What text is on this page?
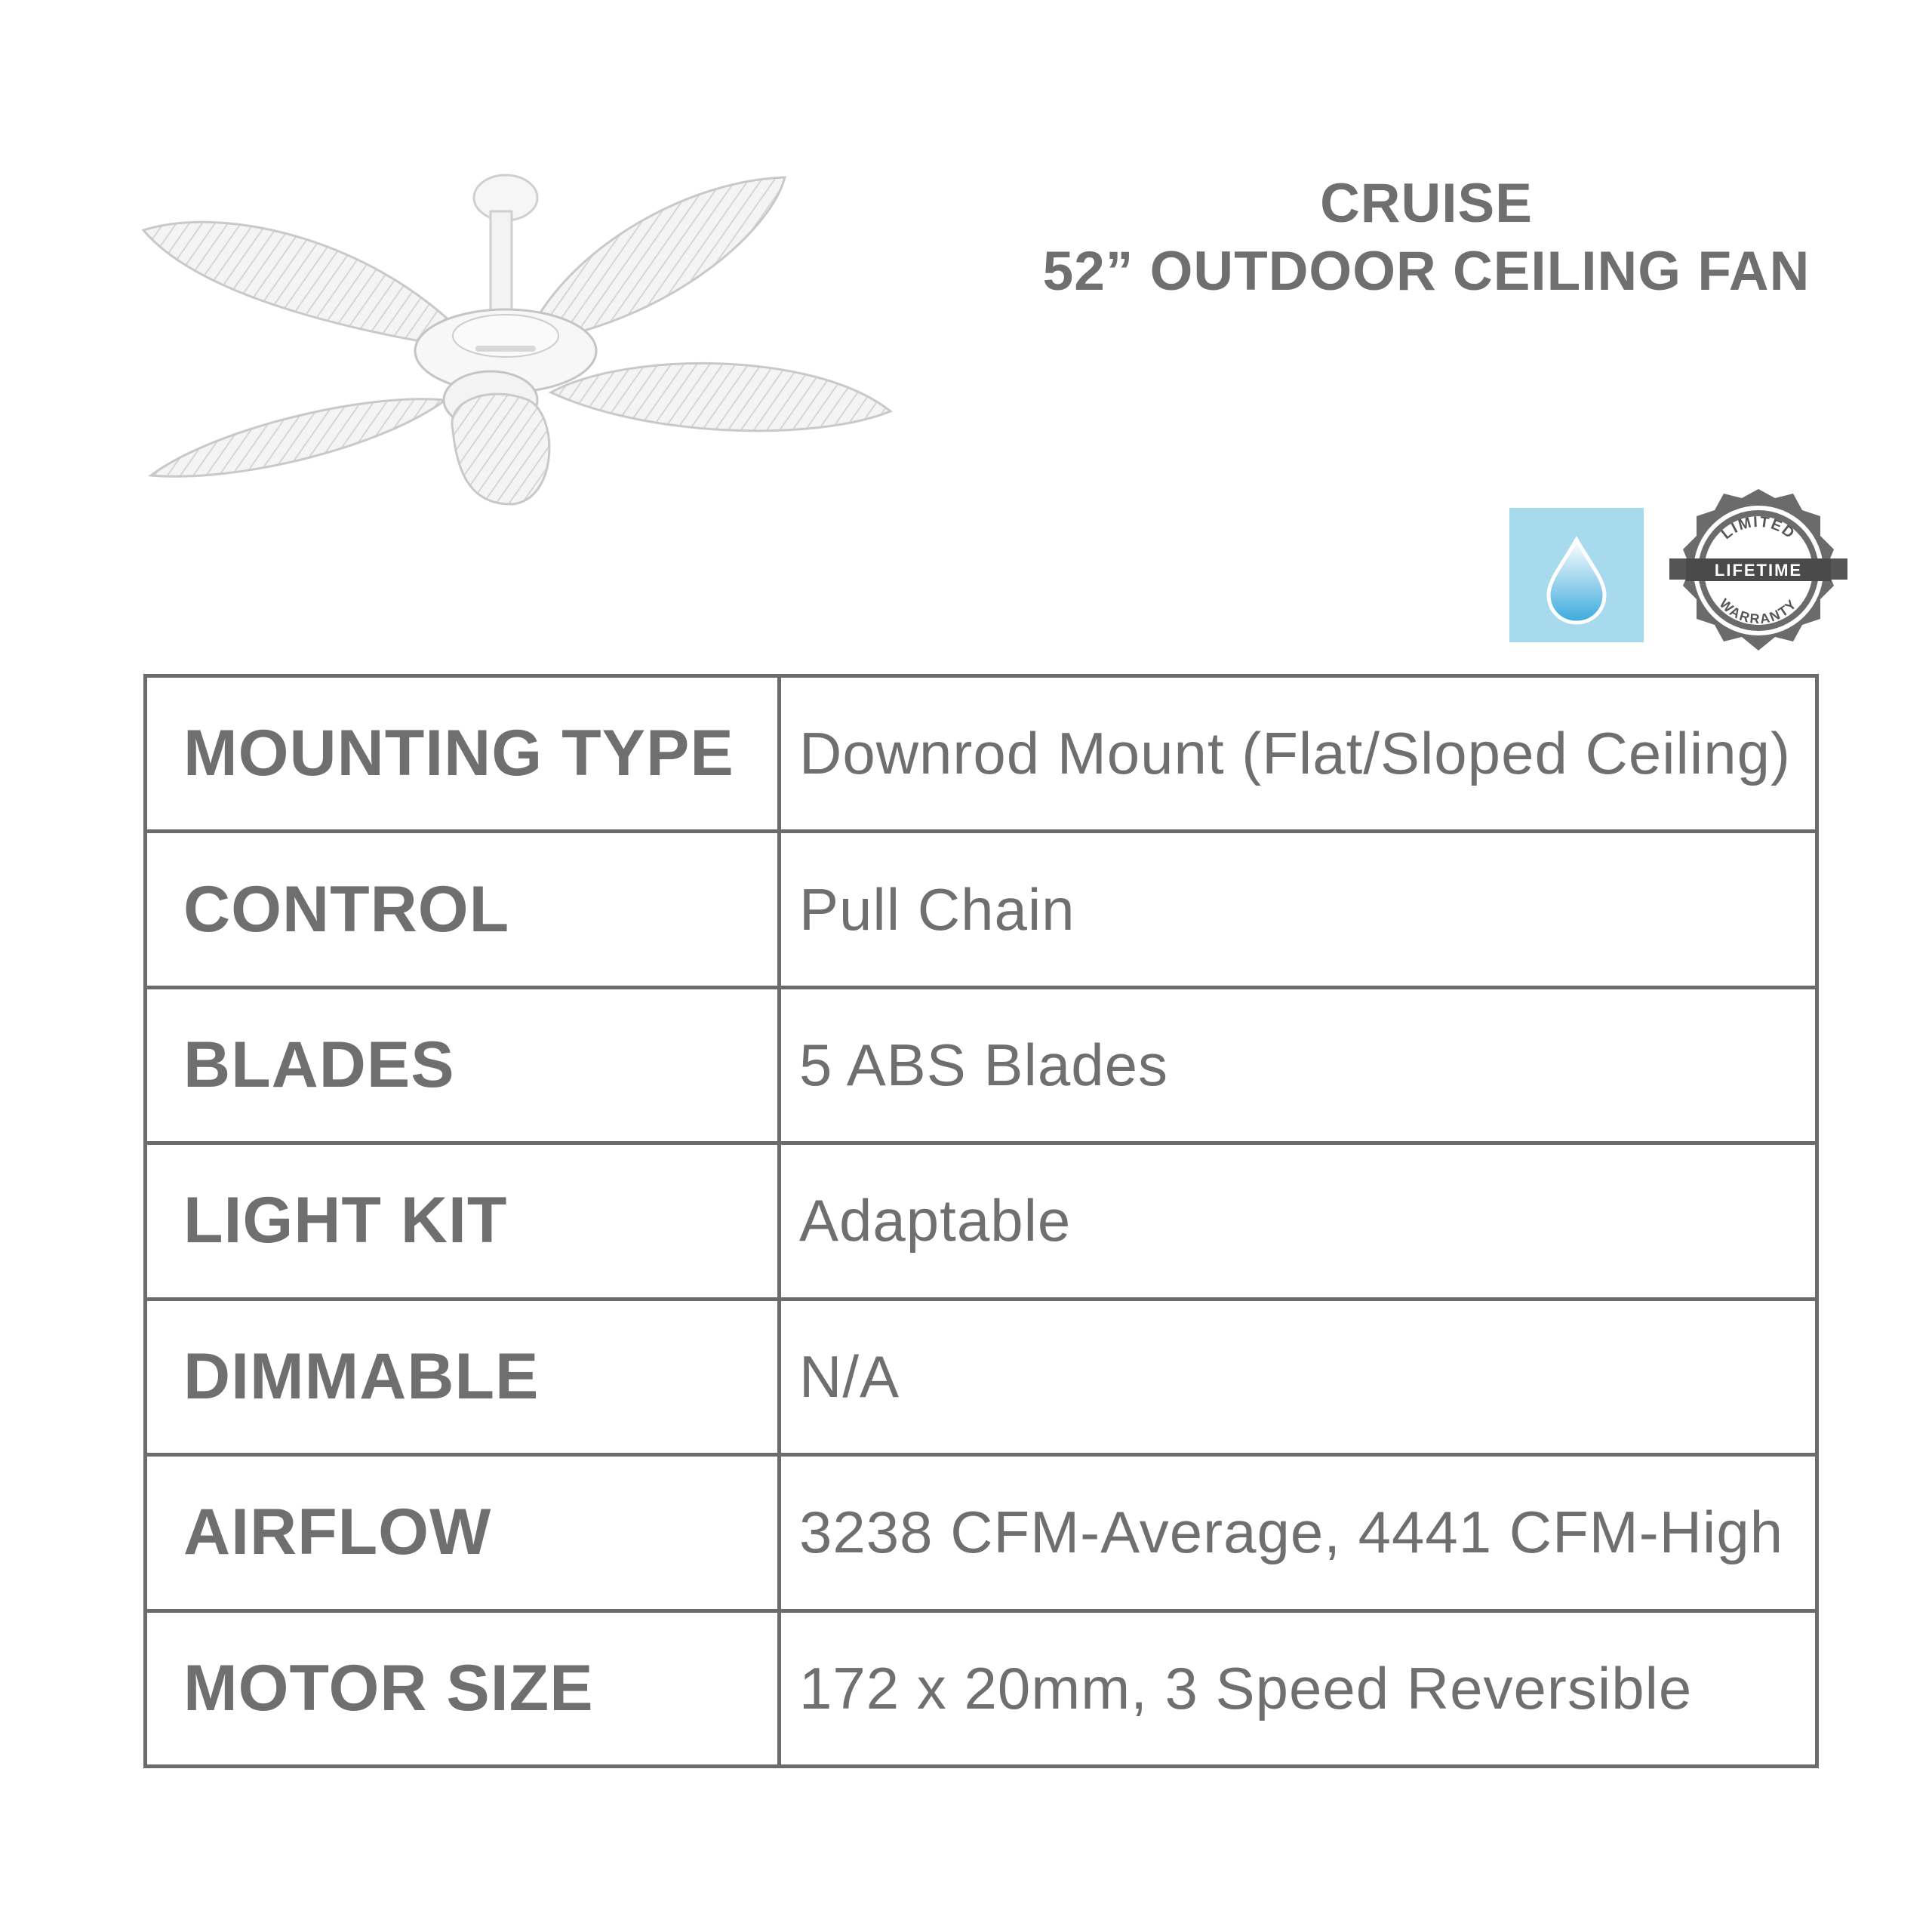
CRUISE
52” OUTDOOR CEILING FAN
LIMITED
WARRANTY
LIFETIME
MOUNTING TYPE	Downrod Mount (Flat/Sloped Ceiling)
CONTROL	Pull Chain
BLADES	5 ABS Blades
LIGHT KIT	Adaptable
DIMMABLE	N/A
AIRFLOW	3238 CFM-Average, 4441 CFM-High
MOTOR SIZE	172 x 20mm, 3 Speed Reversible
